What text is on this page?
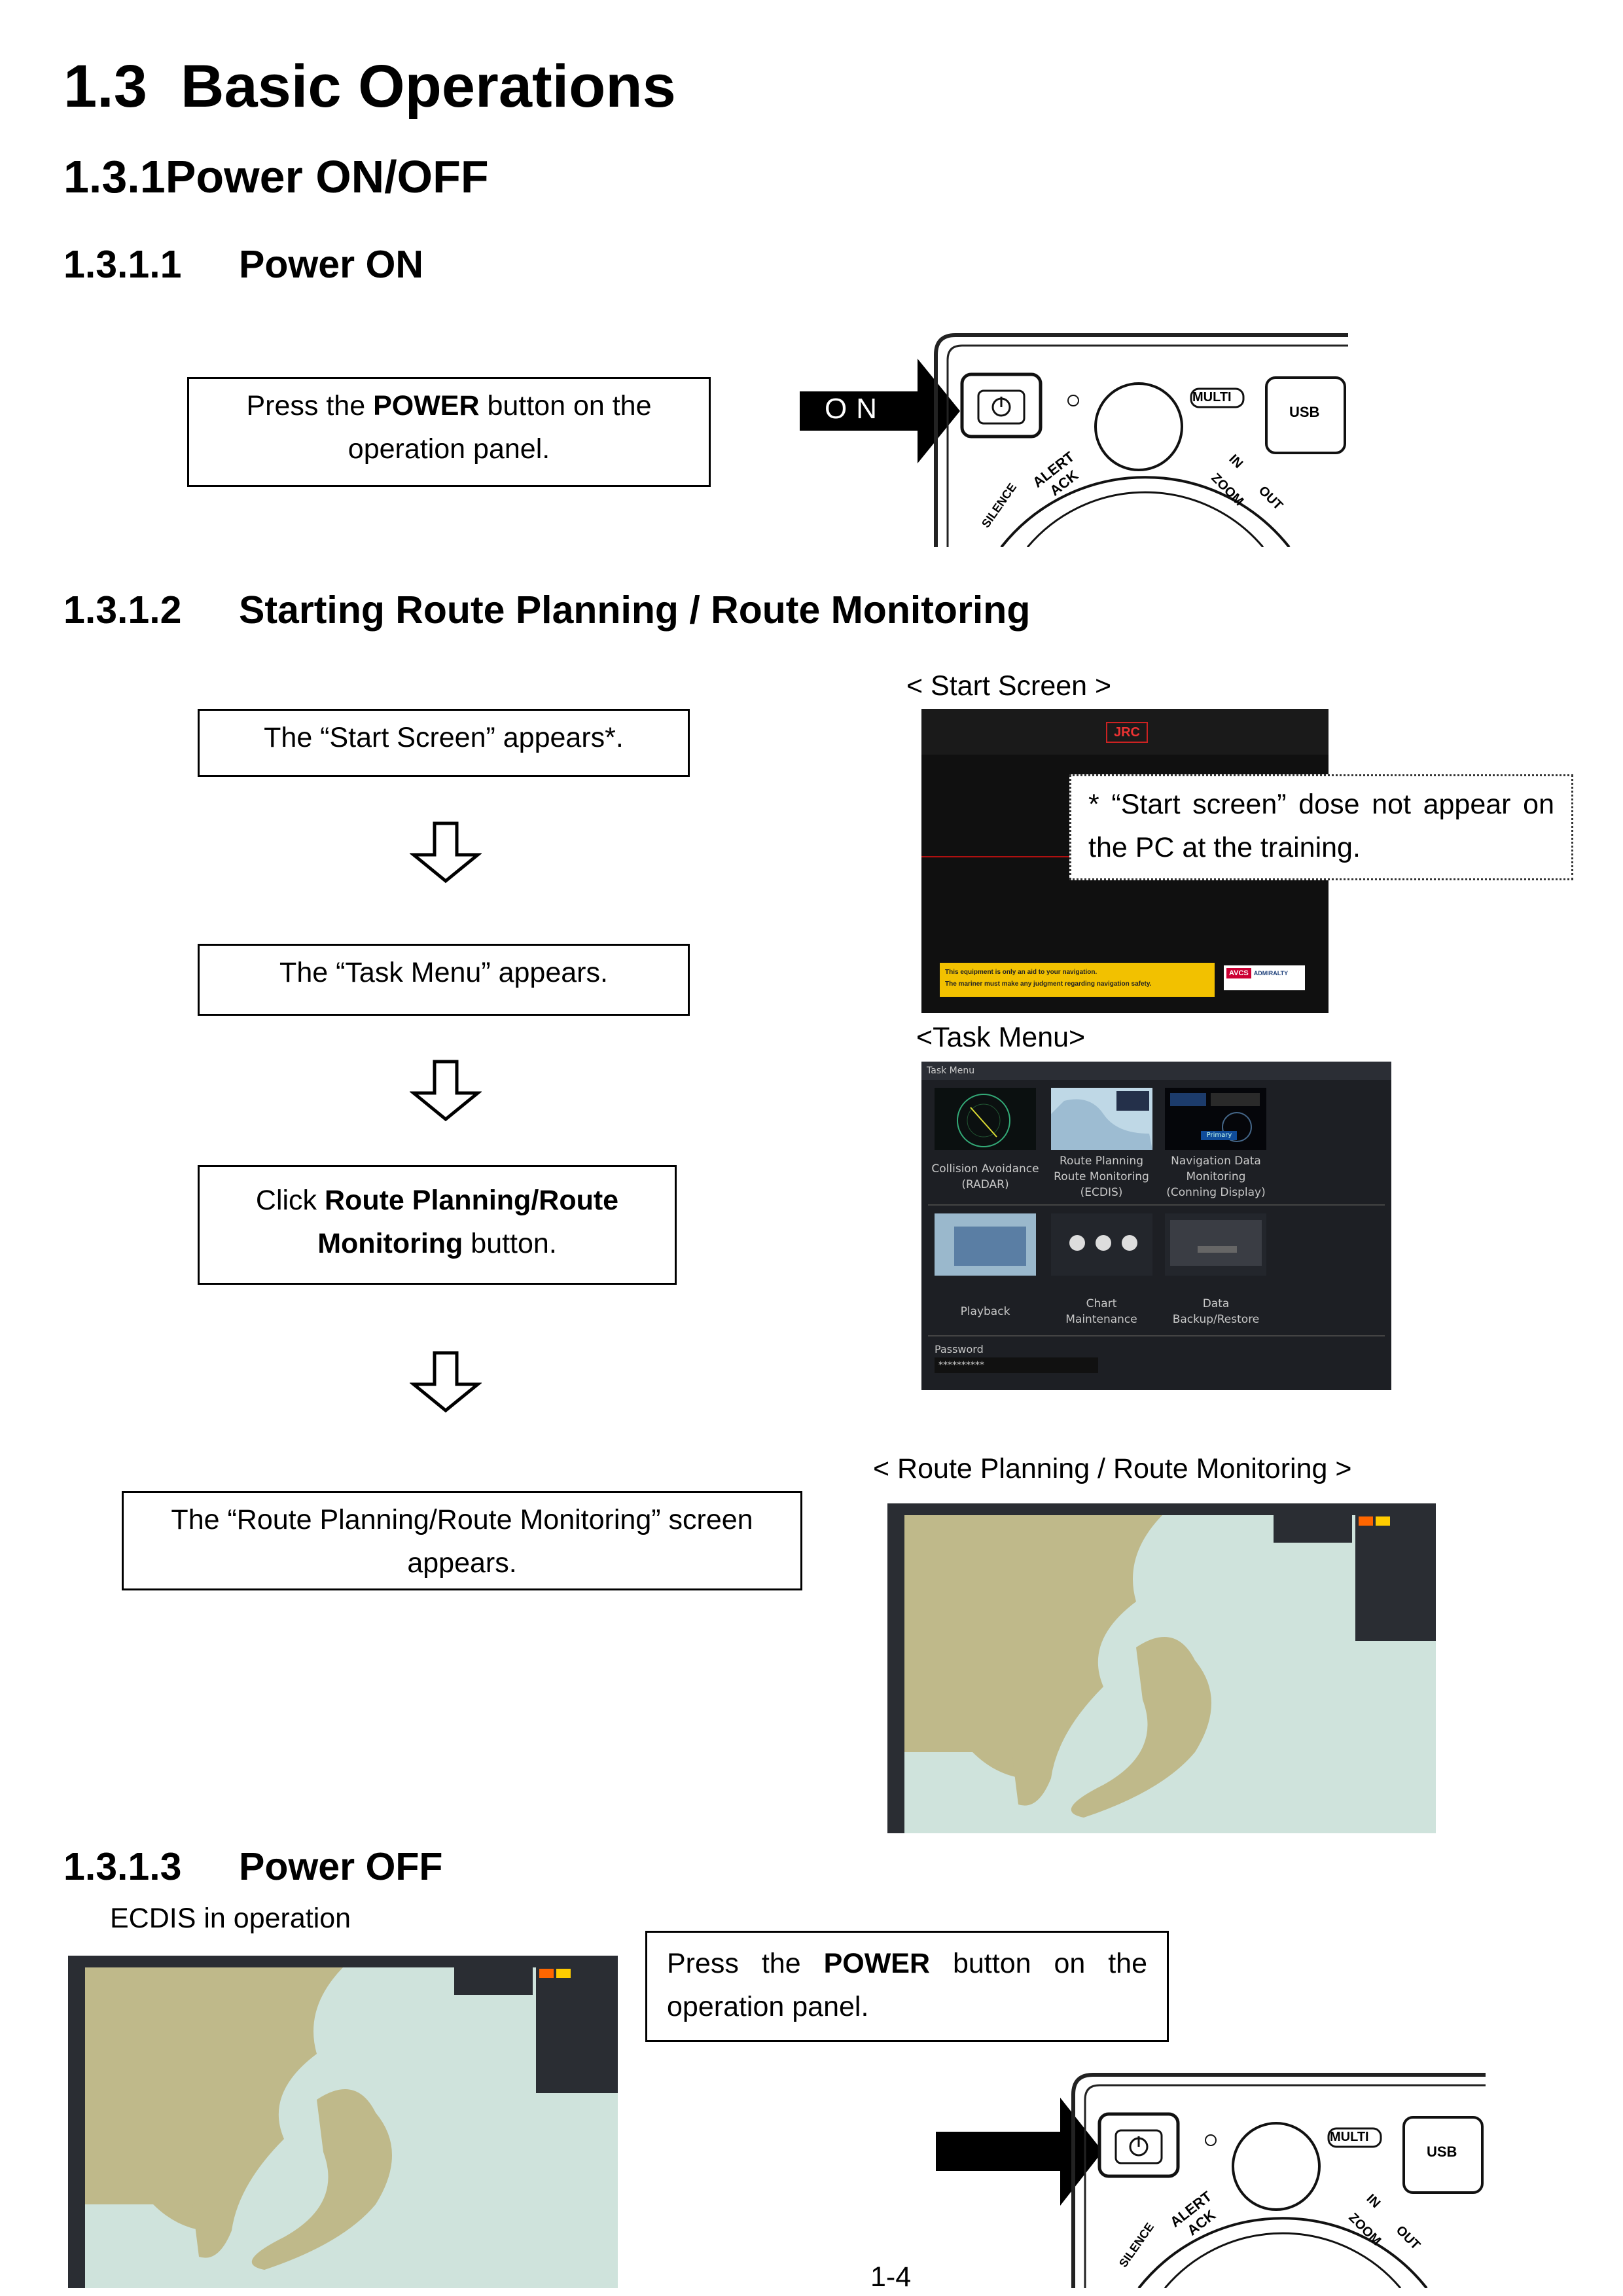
1.3 Basic Operations
1.3.1Power ON/OFF
1.3.1.1 Power ON
Press the POWER button on the operation panel.
ON	MULTI
USB
ALERT ACK
SILENCE
IN
ZOOM OUT
1.3.1.2 Starting Route Planning / Route Monitoring
The “Start Screen” appears*.
The “Task Menu” appears.
Click Route Planning/Route Monitoring button.
The “Route Planning/Route Monitoring” screen appears.
< Start Screen >
JRC
This equipment is only an aid to your navigation.
The mariner must make any judgment regarding navigation safety.
AVCS ADMIRALTY
* “Start screen” dose not appear on the PC at the training.
<Task Menu>
Task Menu
Primary
Collision Avoidance
(RADAR)
Route Planning
Route Monitoring
(ECDIS)
Navigation Data
Monitoring
(Conning Display)
Playback
Chart
Maintenance
Data
Backup/Restore
Password
**********
< Route Planning / Route Monitoring >
1.3.1.3 Power OFF
ECDIS in operation
Press the POWER button on the operation panel.
MULTI
USB
ALERT ACK
SILENCE
IN
ZOOM OUT
1-4
